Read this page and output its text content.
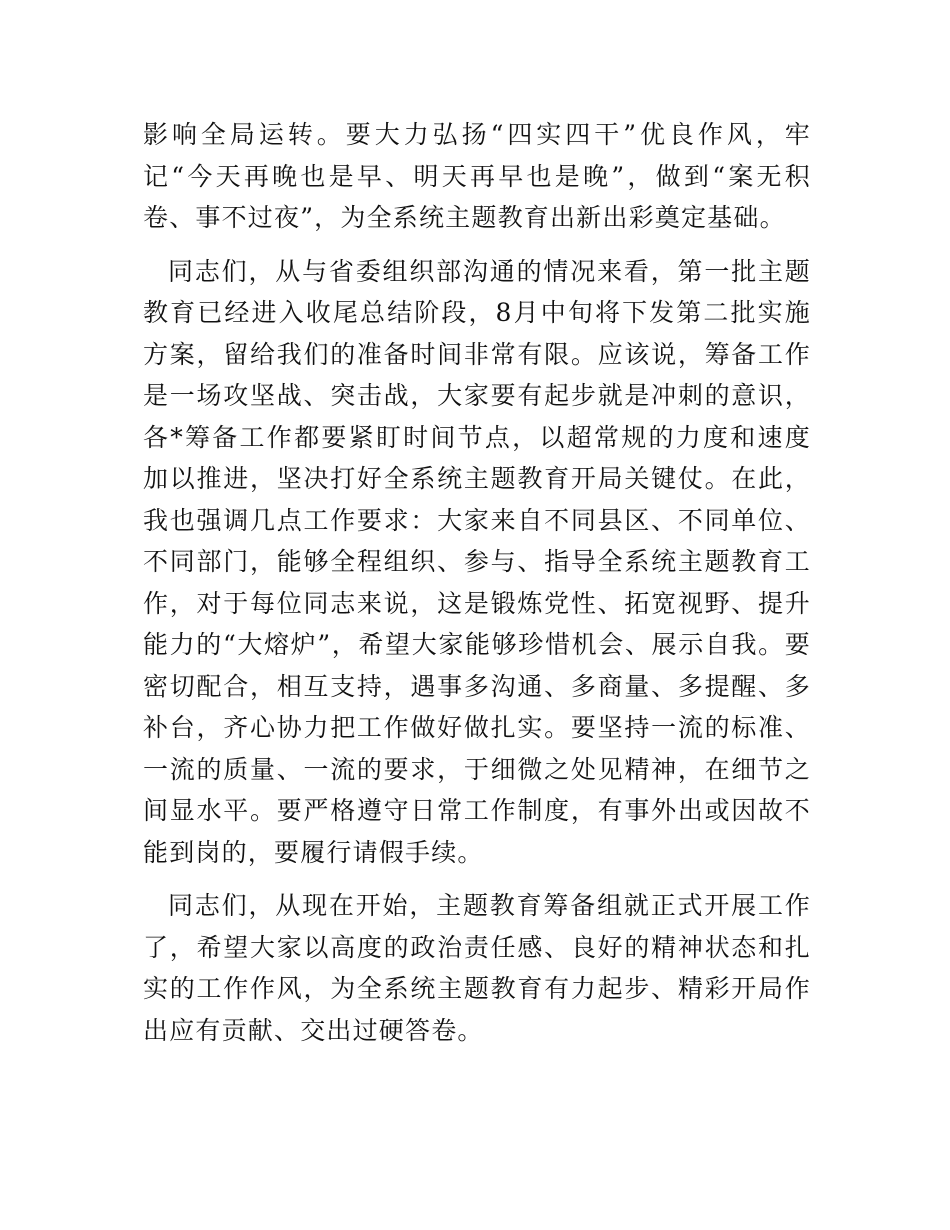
影响全局运转。要大力弘扬“四实四干”优良作风，牢记“今天再晚也是早、明天再早也是晚”，做到“案无积卷、事不过夜”，为全系统主题教育出新出彩奠定基础。

同志们，从与省委组织部沟通的情况来看，第一批主题教育已经进入收尾总结阶段，8月中旬将下发第二批实施方案，留给我们的准备时间非常有限。应该说，筹备工作是一场攻坚战、突击战，大家要有起步就是冲刺的意识，各*筹备工作都要紧盯时间节点，以超常规的力度和速度加以推进，坚决打好全系统主题教育开局关键仗。在此，我也强调几点工作要求：大家来自不同县区、不同单位、不同部门，能够全程组织、参与、指导全系统主题教育工作，对于每位同志来说，这是锻炼党性、拓宽视野、提升能力的“大熔炉”，希望大家能够珍惜机会、展示自我。要密切配合，相互支持，遇事多沟通、多商量、多提醒、多补台，齐心协力把工作做好做扎实。要坚持一流的标准、一流的质量、一流的要求，于细微之处见精神，在细节之间显水平。要严格遵守日常工作制度，有事外出或因故不能到岗的，要履行请假手续。

同志们，从现在开始，主题教育筹备组就正式开展工作了，希望大家以高度的政治责任感、良好的精神状态和扎实的工作作风，为全系统主题教育有力起步、精彩开局作出应有贡献、交出过硬答卷。
